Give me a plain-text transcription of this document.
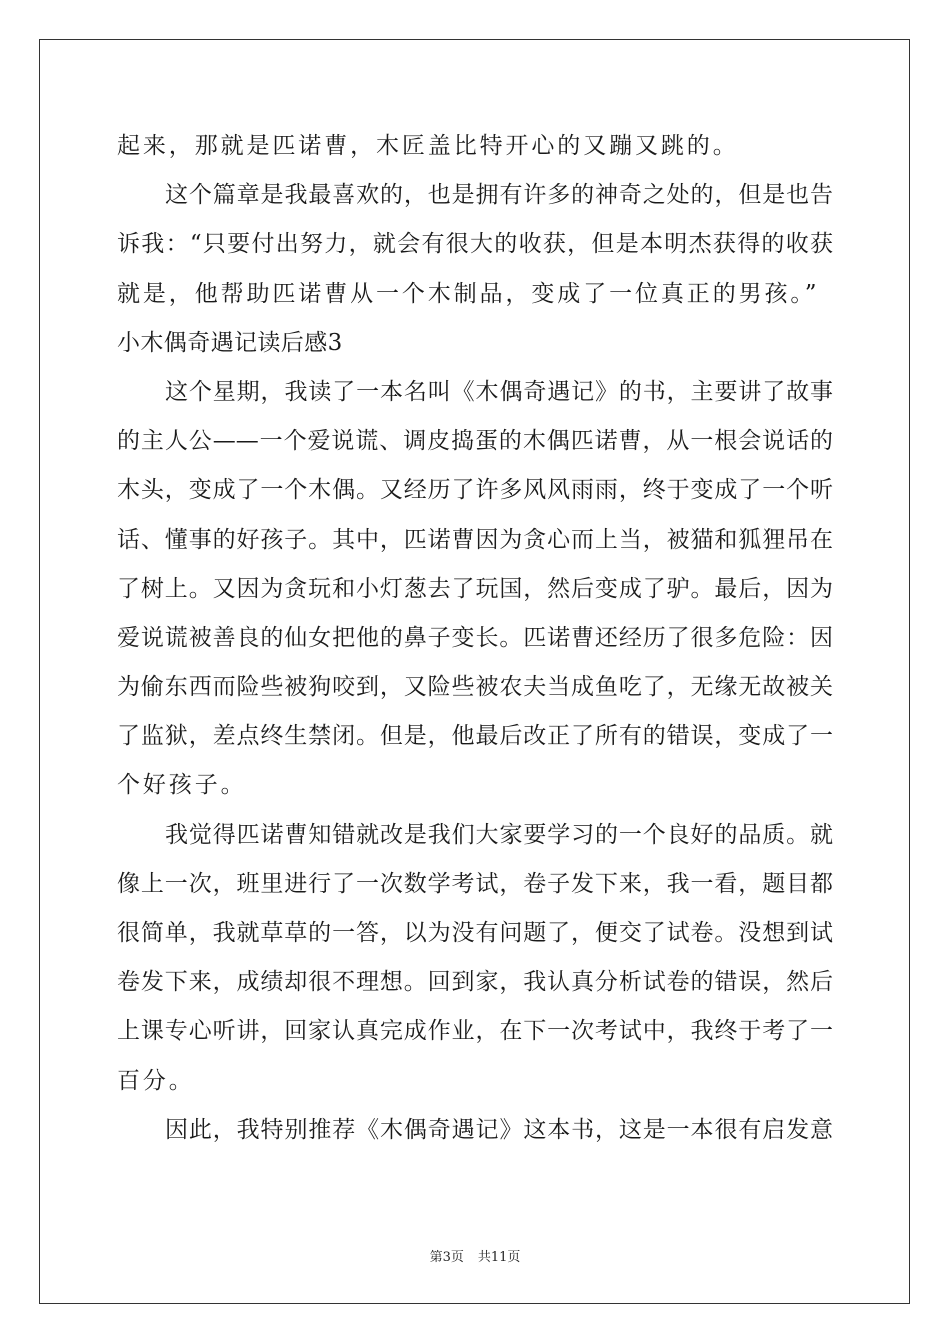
起来，那就是匹诺曹，木匠盖比特开心的又蹦又跳的。
这个篇章是我最喜欢的，也是拥有许多的神奇之处的，但是也告
诉我：“只要付出努力，就会有很大的收获，但是本明杰获得的收获
就是，他帮助匹诺曹从一个木制品，变成了一位真正的男孩。”
小木偶奇遇记读后感3
这个星期，我读了一本名叫《木偶奇遇记》的书，主要讲了故事
的主人公——一个爱说谎、调皮捣蛋的木偶匹诺曹，从一根会说话的
木头，变成了一个木偶。又经历了许多风风雨雨，终于变成了一个听
话、懂事的好孩子。其中，匹诺曹因为贪心而上当，被猫和狐狸吊在
了树上。又因为贪玩和小灯葱去了玩国，然后变成了驴。最后，因为
爱说谎被善良的仙女把他的鼻子变长。匹诺曹还经历了很多危险：因
为偷东西而险些被狗咬到，又险些被农夫当成鱼吃了，无缘无故被关
了监狱，差点终生禁闭。但是，他最后改正了所有的错误，变成了一
个好孩子。
我觉得匹诺曹知错就改是我们大家要学习的一个良好的品质。就
像上一次，班里进行了一次数学考试，卷子发下来，我一看，题目都
很简单，我就草草的一答，以为没有问题了，便交了试卷。没想到试
卷发下来，成绩却很不理想。回到家，我认真分析试卷的错误，然后
上课专心听讲，回家认真完成作业，在下一次考试中，我终于考了一
百分。
因此，我特别推荐《木偶奇遇记》这本书，这是一本很有启发意
第3页 共11页
